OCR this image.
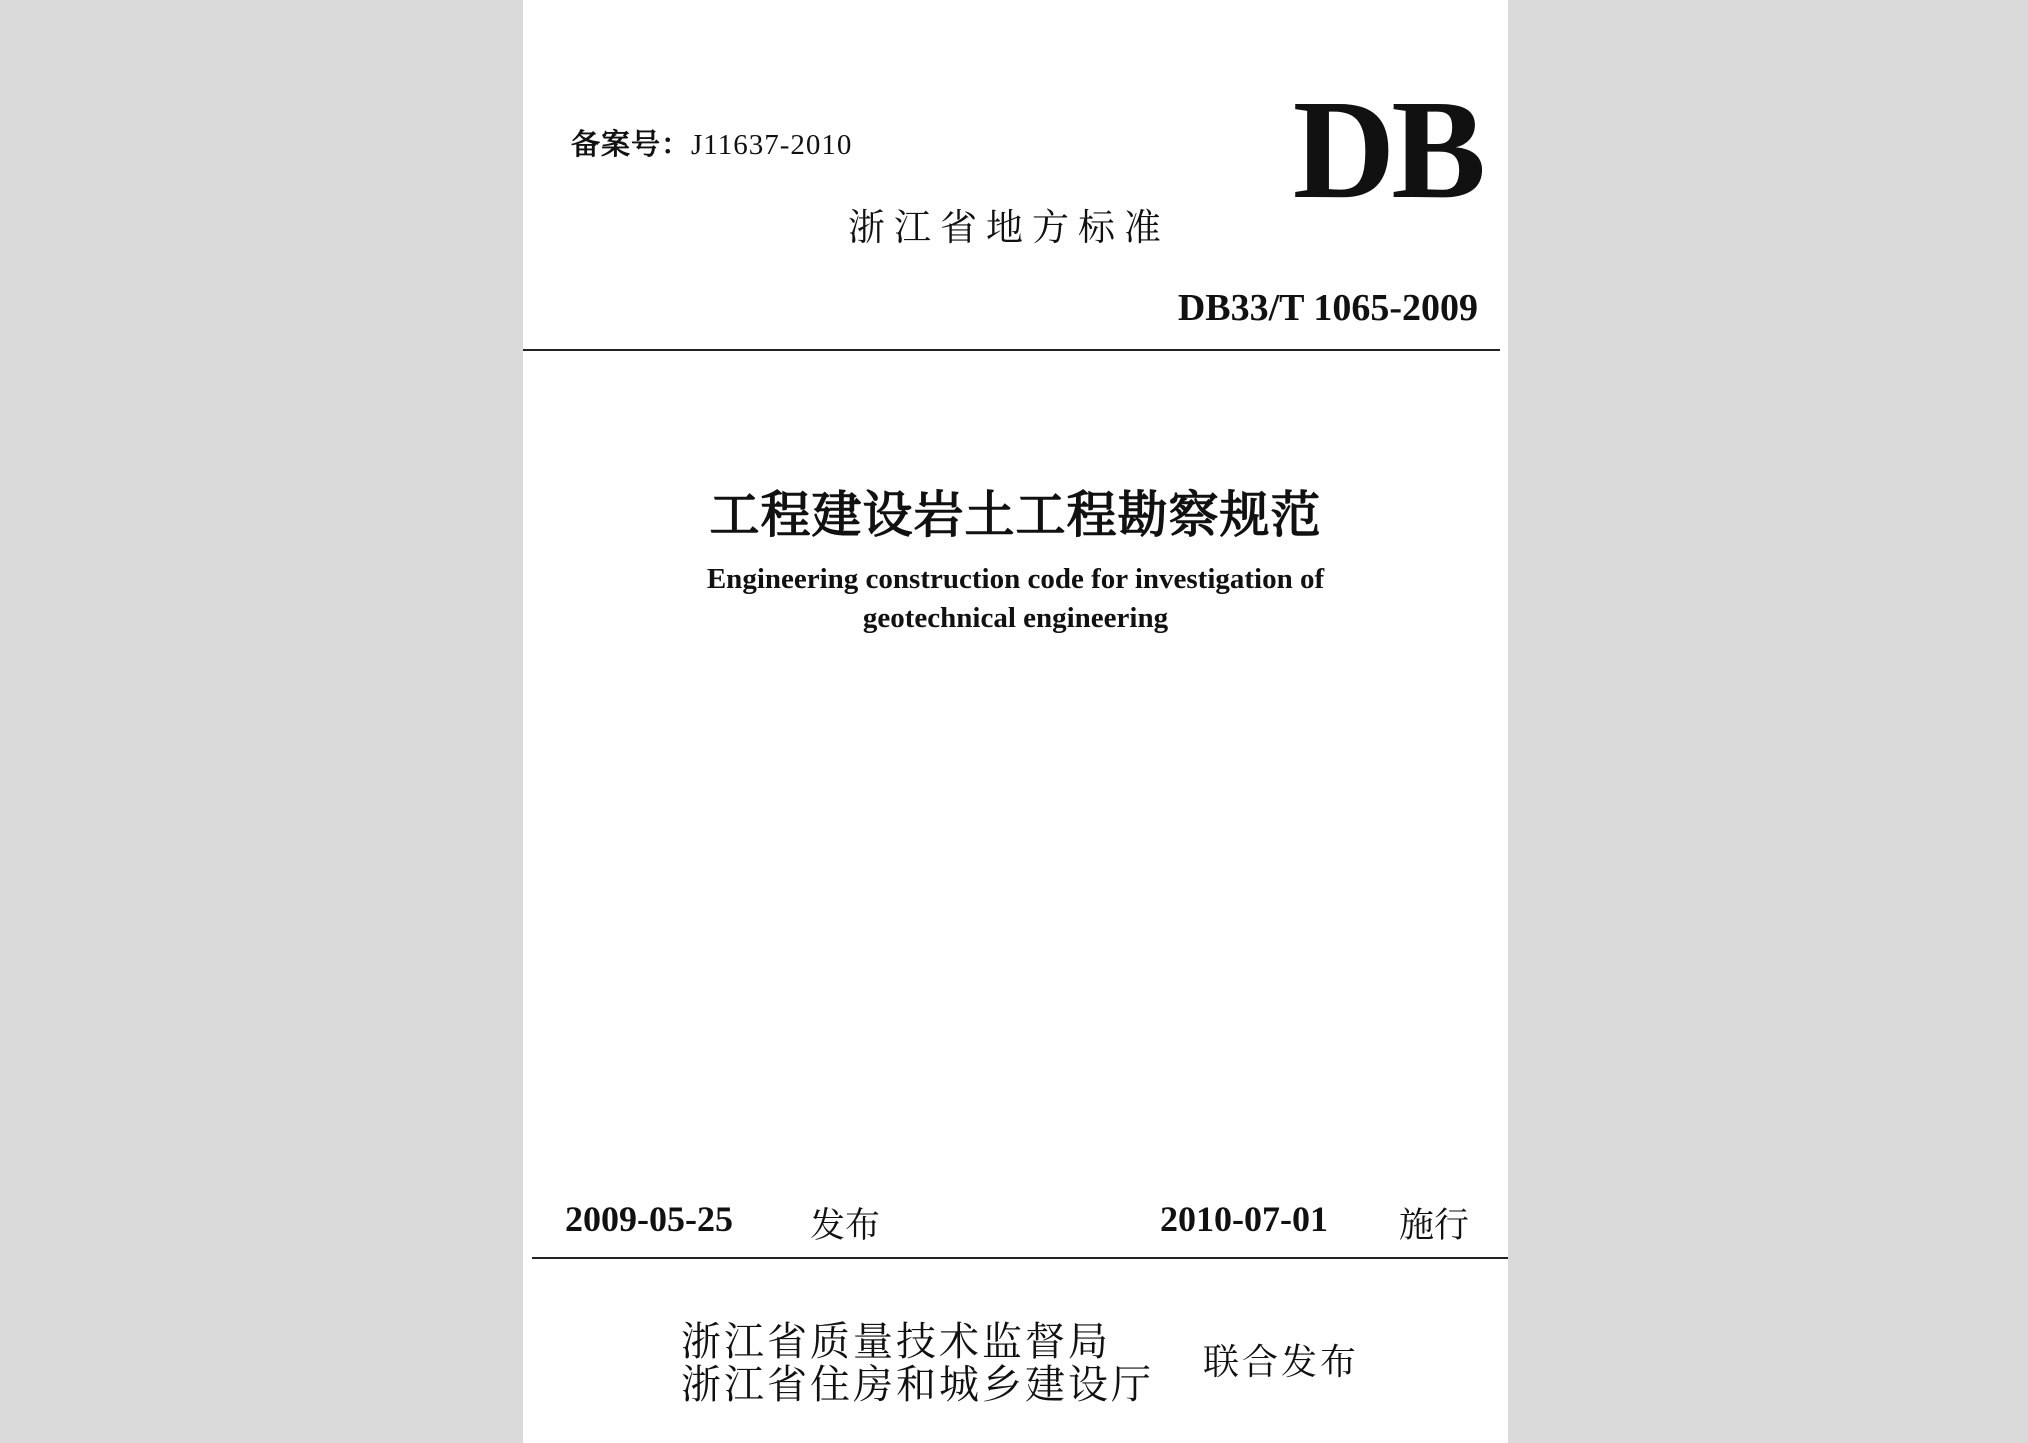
备案号：J11637-2010	DB
浙江省地方标准
DB33/T 1065-2009
工程建设岩土工程勘察规范
Engineering construction code for investigation of
geotechnical engineering
2009-05-25 发布	2010-07-01 施行
浙江省质量技术监督局
浙江省住房和城乡建设厅 联合发布
